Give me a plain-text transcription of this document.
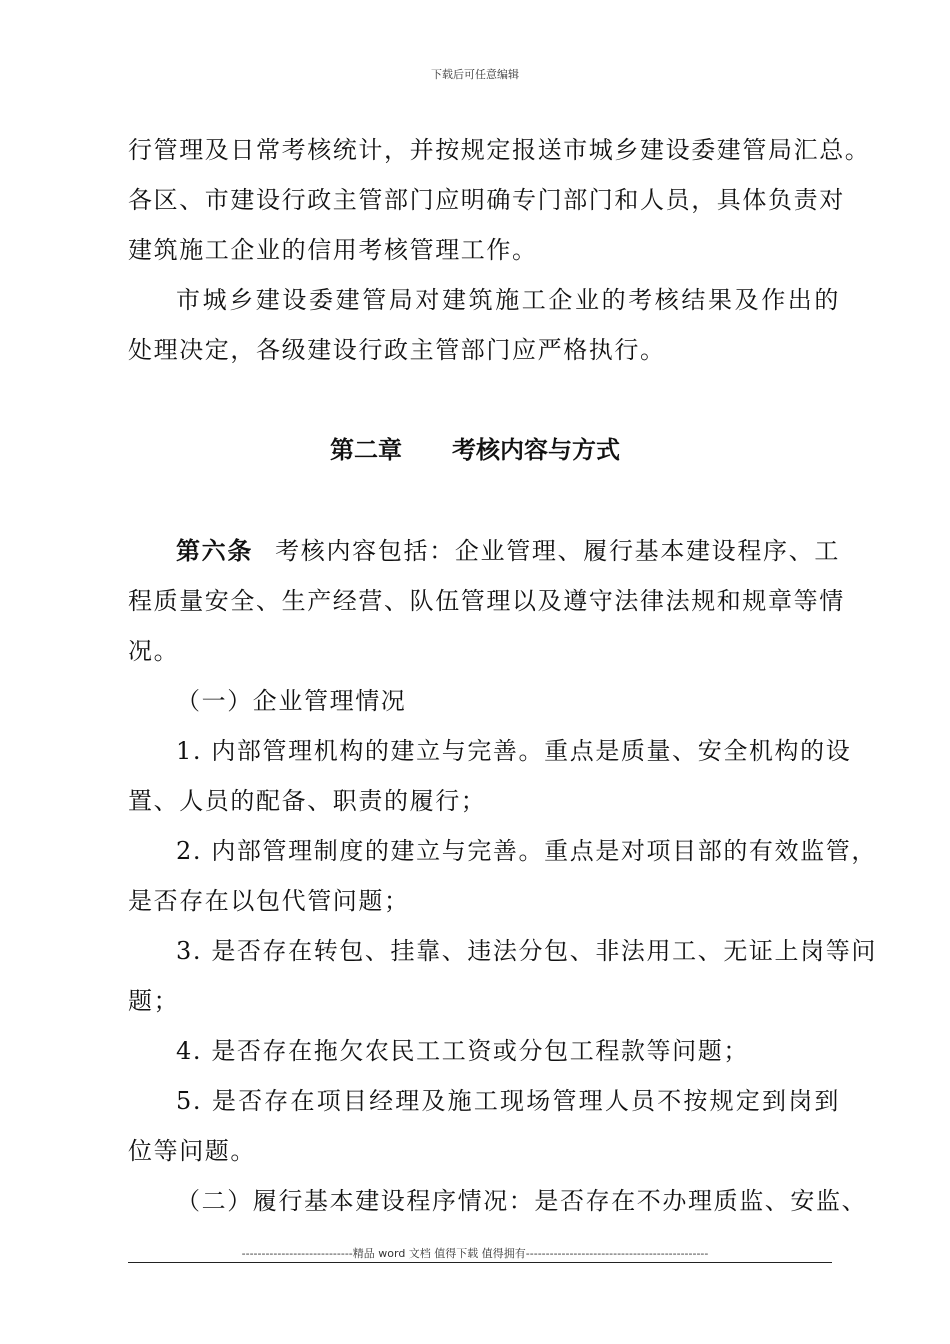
下载后可任意编辑
行管理及日常考核统计，并按规定报送市城乡建设委建管局汇总。
各区、市建设行政主管部门应明确专门部门和人员，具体负责对
建筑施工企业的信用考核管理工作。
市城乡建设委建管局对建筑施工企业的考核结果及作出的
处理决定，各级建设行政主管部门应严格执行。
第二章 考核内容与方式
第六条 考核内容包括：企业管理、履行基本建设程序、工
程质量安全、生产经营、队伍管理以及遵守法律法规和规章等情
况。
（一）企业管理情况
1. 内部管理机构的建立与完善。重点是质量、安全机构的设
置、人员的配备、职责的履行；
2. 内部管理制度的建立与完善。重点是对项目部的有效监管，
是否存在以包代管问题；
3. 是否存在转包、挂靠、违法分包、非法用工、无证上岗等问
题；
4. 是否存在拖欠农民工工资或分包工程款等问题；
5. 是否存在项目经理及施工现场管理人员不按规定到岗到
位等问题。
（二）履行基本建设程序情况：是否存在不办理质监、安监、
----------------------------精品 word 文档 值得下载 值得拥有----------------------------------------------
